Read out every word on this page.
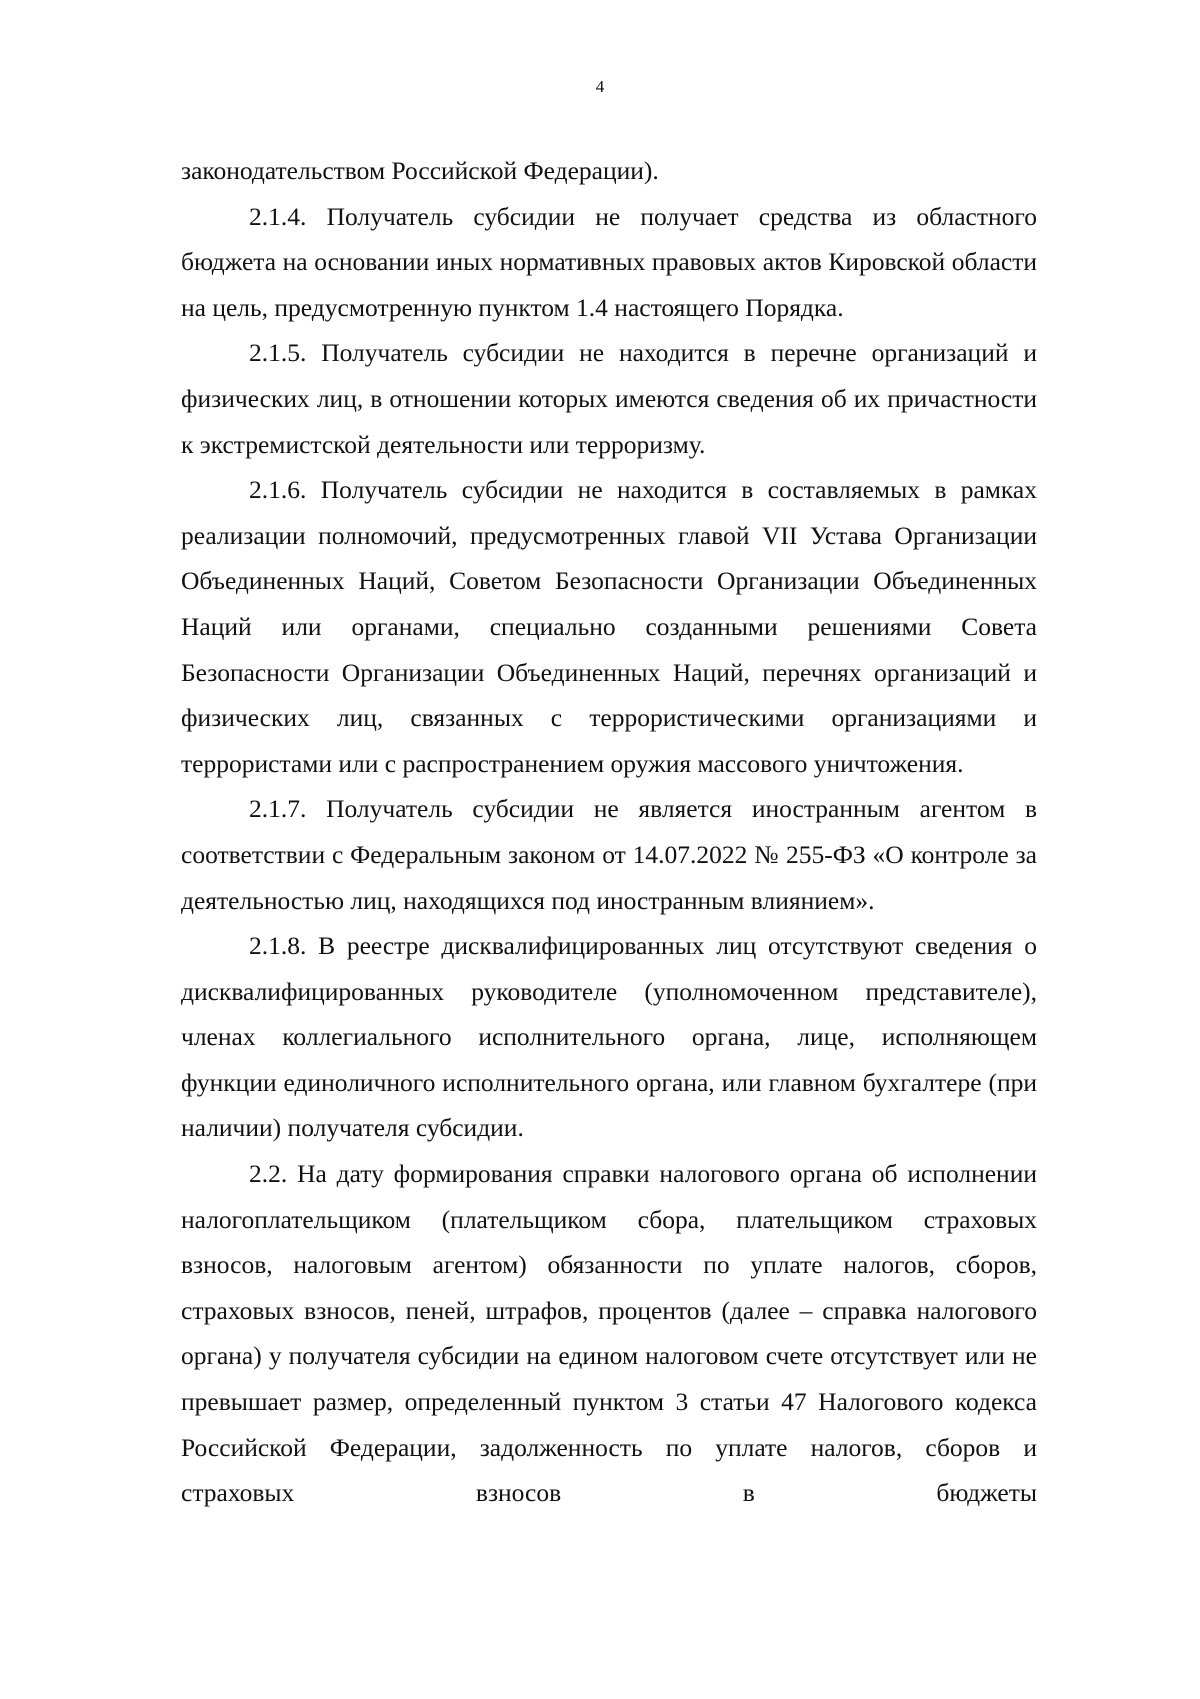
4

законодательством Российской Федерации).

2.1.4. Получатель субсидии не получает средства из областного бюджета на основании иных нормативных правовых актов Кировской области на цель, предусмотренную пунктом 1.4 настоящего Порядка.

2.1.5. Получатель субсидии не находится в перечне организаций и физических лиц, в отношении которых имеются сведения об их причастности к экстремистской деятельности или терроризму.

2.1.6. Получатель субсидии не находится в составляемых в рамках реализации полномочий, предусмотренных главой VII Устава Организации Объединенных Наций, Советом Безопасности Организации Объединенных Наций или органами, специально созданными решениями Совета Безопасности Организации Объединенных Наций, перечнях организаций и физических лиц, связанных с террористическими организациями и террористами или с распространением оружия массового уничтожения.

2.1.7. Получатель субсидии не является иностранным агентом в соответствии с Федеральным законом от 14.07.2022 № 255-ФЗ «О контроле за деятельностью лиц, находящихся под иностранным влиянием».

2.1.8. В реестре дисквалифицированных лиц отсутствуют сведения о дисквалифицированных руководителе (уполномоченном представителе), членах коллегиального исполнительного органа, лице, исполняющем функции единоличного исполнительного органа, или главном бухгалтере (при наличии) получателя субсидии.

2.2. На дату формирования справки налогового органа об исполнении налогоплательщиком (плательщиком сбора, плательщиком страховых взносов, налоговым агентом) обязанности по уплате налогов, сборов, страховых взносов, пеней, штрафов, процентов (далее – справка налогового органа) у получателя субсидии на едином налоговом счете отсутствует или не превышает размер, определенный пунктом 3 статьи 47 Налогового кодекса Российской Федерации, задолженность по уплате налогов, сборов и страховых взносов в бюджеты
